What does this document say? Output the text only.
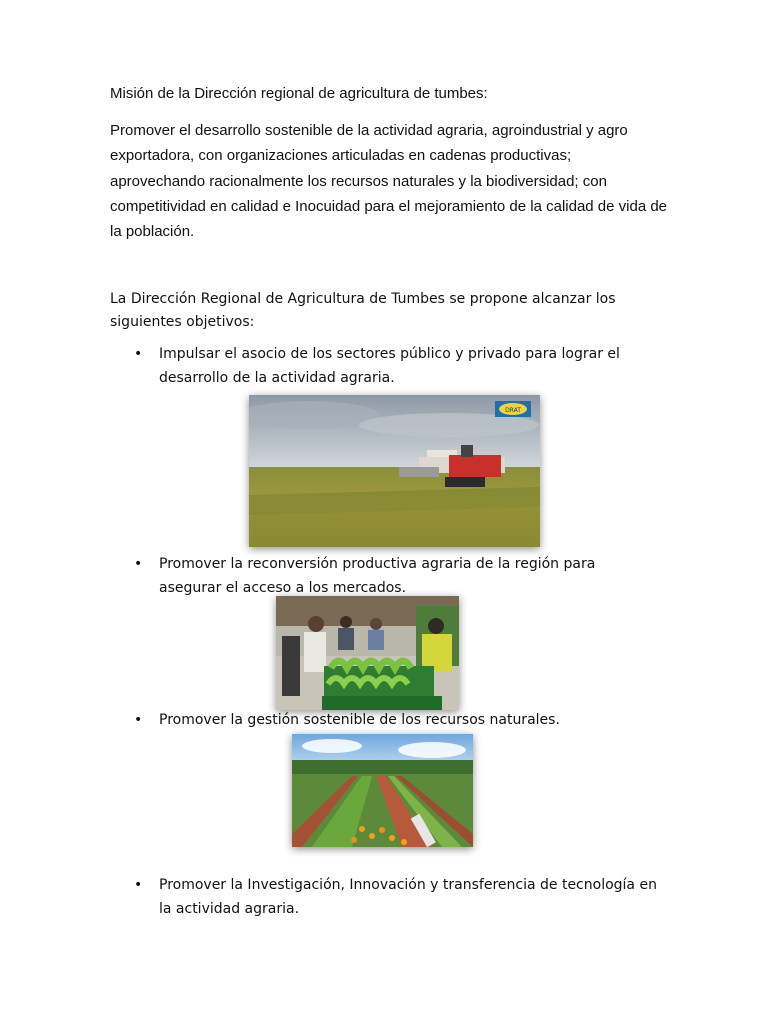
Misión de la Dirección regional de agricultura de tumbes:
Promover el desarrollo sostenible de la actividad agraria, agroindustrial y agro exportadora, con organizaciones articuladas en cadenas productivas; aprovechando racionalmente los recursos naturales y la biodiversidad; con competitividad en calidad e Inocuidad para el mejoramiento de la calidad de vida de la población.
La Dirección Regional de Agricultura de Tumbes se propone alcanzar los siguientes objetivos:
• Impulsar el asocio de los sectores público y privado para lograr el desarrollo de la actividad agraria.
DRAT
• Promover la reconversión productiva agraria de la región para asegurar el acceso a los mercados.
• Promover la gestión sostenible de los recursos naturales.
• Promover la Investigación, Innovación y transferencia de tecnología en la actividad agraria.
